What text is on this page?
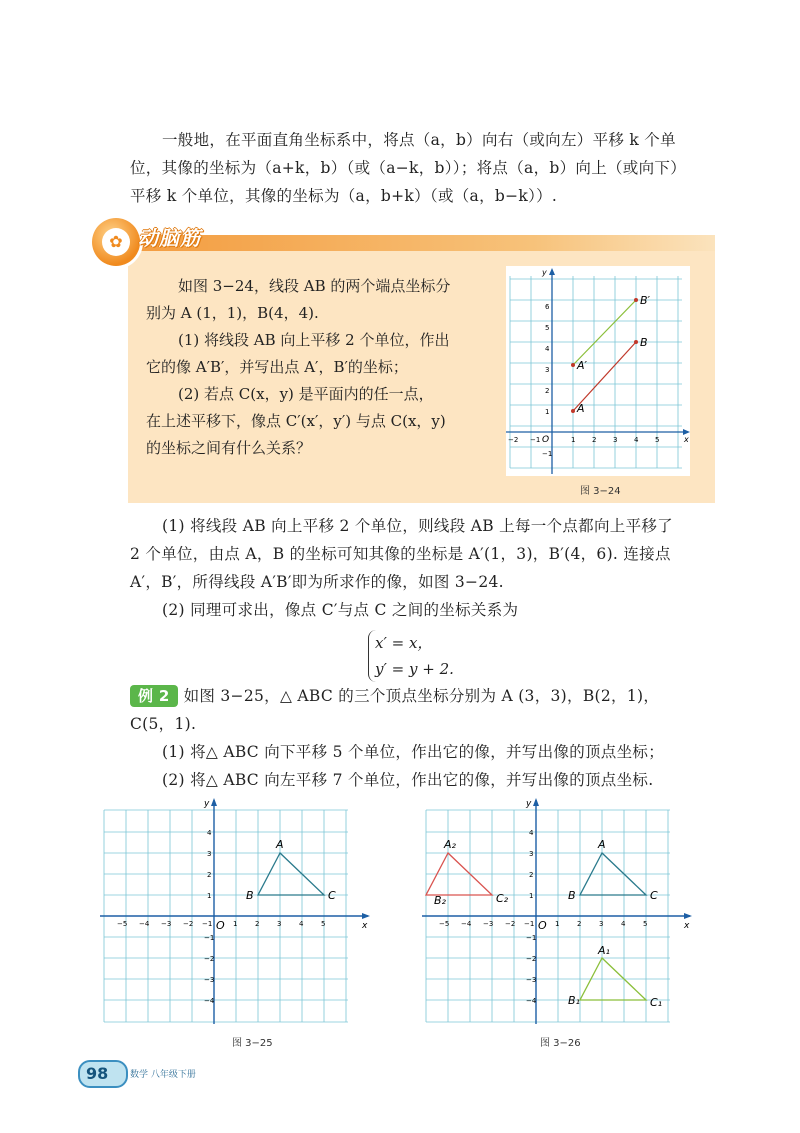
一般地，在平面直角坐标系中，将点（a，b）向右（或向左）平移 k 个单
位，其像的坐标为（a+k，b）（或（a−k，b））；将点（a，b）向上（或向下）
平移 k 个单位，其像的坐标为（a，b+k）（或（a，b−k））.
✿ 动脑筋
如图 3−24，线段 AB 的两个端点坐标分
别为 A (1，1)，B(4，4).
(1) 将线段 AB 向上平移 2 个单位，作出
它的像 A′B′，并写出点 A′，B′的坐标；
(2) 若点 C(x，y) 是平面内的任一点，
在上述平移下，像点 C′(x′，y′) 与点 C(x，y)
的坐标之间有什么关系？	x
y
O
−2 −1	1 2 3 4 5
−1
1
2
3
4
5
6
A
B
A′
B′
图 3−24
(1) 将线段 AB 向上平移 2 个单位，则线段 AB 上每一个点都向上平移了
2 个单位，由点 A，B 的坐标可知其像的坐标是 A′(1，3)，B′(4，6). 连接点
A′，B′，所得线段 A′B′即为所求作的像，如图 3−24.
(2) 同理可求出，像点 C′与点 C 之间的坐标关系为
x′ = x，
y′ = y + 2.
例 2 如图 3−25，△ ABC 的三个顶点坐标分别为 A (3，3)，B(2，1)，
C(5，1).
(1) 将△ ABC 向下平移 5 个单位，作出它的像，并写出像的顶点坐标；
(2) 将△ ABC 向左平移 7 个单位，作出它的像，并写出像的顶点坐标.
x
y
O
−5 −4 −3 −2 −1	1	2	3	4	5
−4
−3
−2
−1
1
2
3
4
A
B	C
图 3−25
x
y
O
−5 −4 −3 −2 −1	1	2	3	4	5
−4
−3
−2
−1
1
2
3
4
A
B	C
A₂
B₂	C₂
A₁
B₁	C₁
图 3−26
98 数学 八年级下册
